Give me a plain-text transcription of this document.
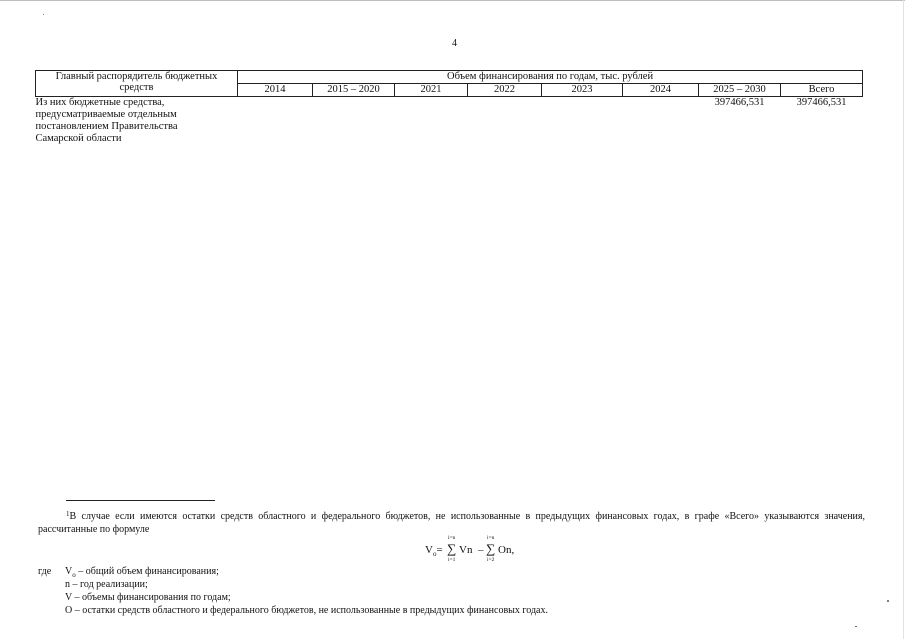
4
Главный распорядитель бюджетных средств	Объем финансирования по годам, тыс. рублей							
	2014	2015 – 2020	2021	2022	2023	2024	2025 – 2030	Всего

Из них бюджетные средства,
предусматриваемые отдельным
постановлением Правительства
Самарской области							397466,531	397466,531
$^1$В случае если имеются остатки средств областного и федерального бюджетов, не использованные в предыдущих финансовых годах, в графе «Всего» указываются значения, рассчитанные по формуле
$V_o=$
i=n
∑
i=1
Vn –
i=n
∑
i=2
On,
где $V_о$ – общий объем финансирования;
n – год реализации;
V – объемы финансирования по годам;
O – остатки средств областного и федерального бюджетов, не использованные в предыдущих финансовых годах.
